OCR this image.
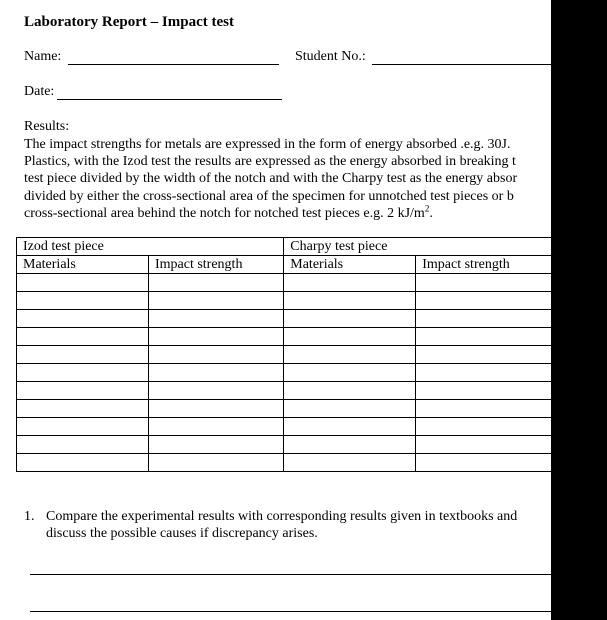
Laboratory Report – Impact test
Name:	Student No.:
Date:
Results:
The impact strengths for metals are expressed in the form of energy absorbed .e.g. 30J.
Plastics, with the Izod test the results are expressed as the energy absorbed in breaking t
test piece divided by the width of the notch and with the Charpy test as the energy absor
divided by either the cross-sectional area of the specimen for unnotched test pieces or b
cross-sectional area behind the notch for notched test pieces e.g. 2 $kJ/m^2$.
Izod test piece		Charpy test piece	
Materials	Impact strength	Materials	Impact strength

1. Compare the experimental results with corresponding results given in textbooks and
discuss the possible causes if discrepancy arises.
